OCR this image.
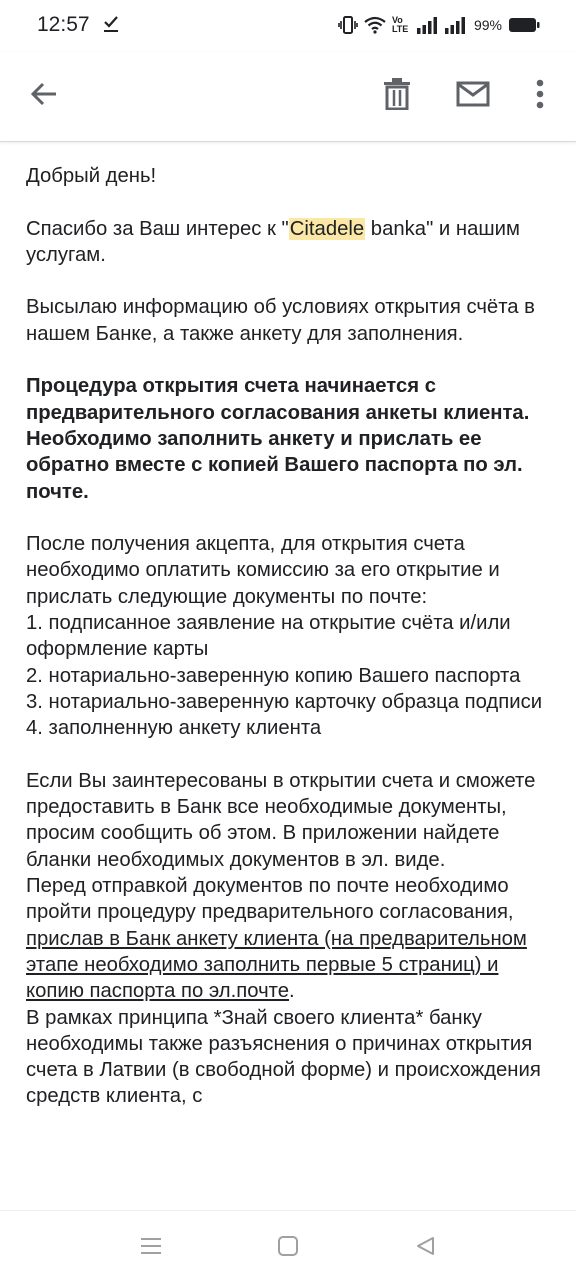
12:57	Vo LTE	99%

Добрый день!

Спасибо за Ваш интерес к "Citadele banka" и нашим услугам.

Высылаю информацию об условиях открытия счёта в нашем Банке, а также анкету для заполнения.

Процедура открытия счета начинается с предварительного согласования анкеты клиента. Необходимо заполнить анкету и прислать ее обратно вместе с копией Вашего паспорта по эл. почте.

После получения акцепта, для открытия счета необходимо оплатить комиссию за его открытие и прислать следующие документы по почте:
1. подписанное заявление на открытие счёта и/или оформление карты
2. нотариально-заверенную копию Вашего паспорта
3. нотариально-заверенную карточку образца подписи
4. заполненную анкету клиента

Если Вы заинтересованы в открытии счета и сможете предоставить в Банк все необходимые документы, просим сообщить об этом. В приложении найдете бланки необходимых документов в эл. виде.

Перед отправкой документов по почте необходимо пройти процедуру предварительного согласования, прислав в Банк анкету клиента (на предварительном этапе необходимо заполнить первые 5 страниц) и копию паспорта по эл.почте.

В рамках принципа *Знай своего клиента* банку необходимы также разъяснения о причинах открытия счета в Латвии (в свободной форме) и происхождения средств клиента, с
